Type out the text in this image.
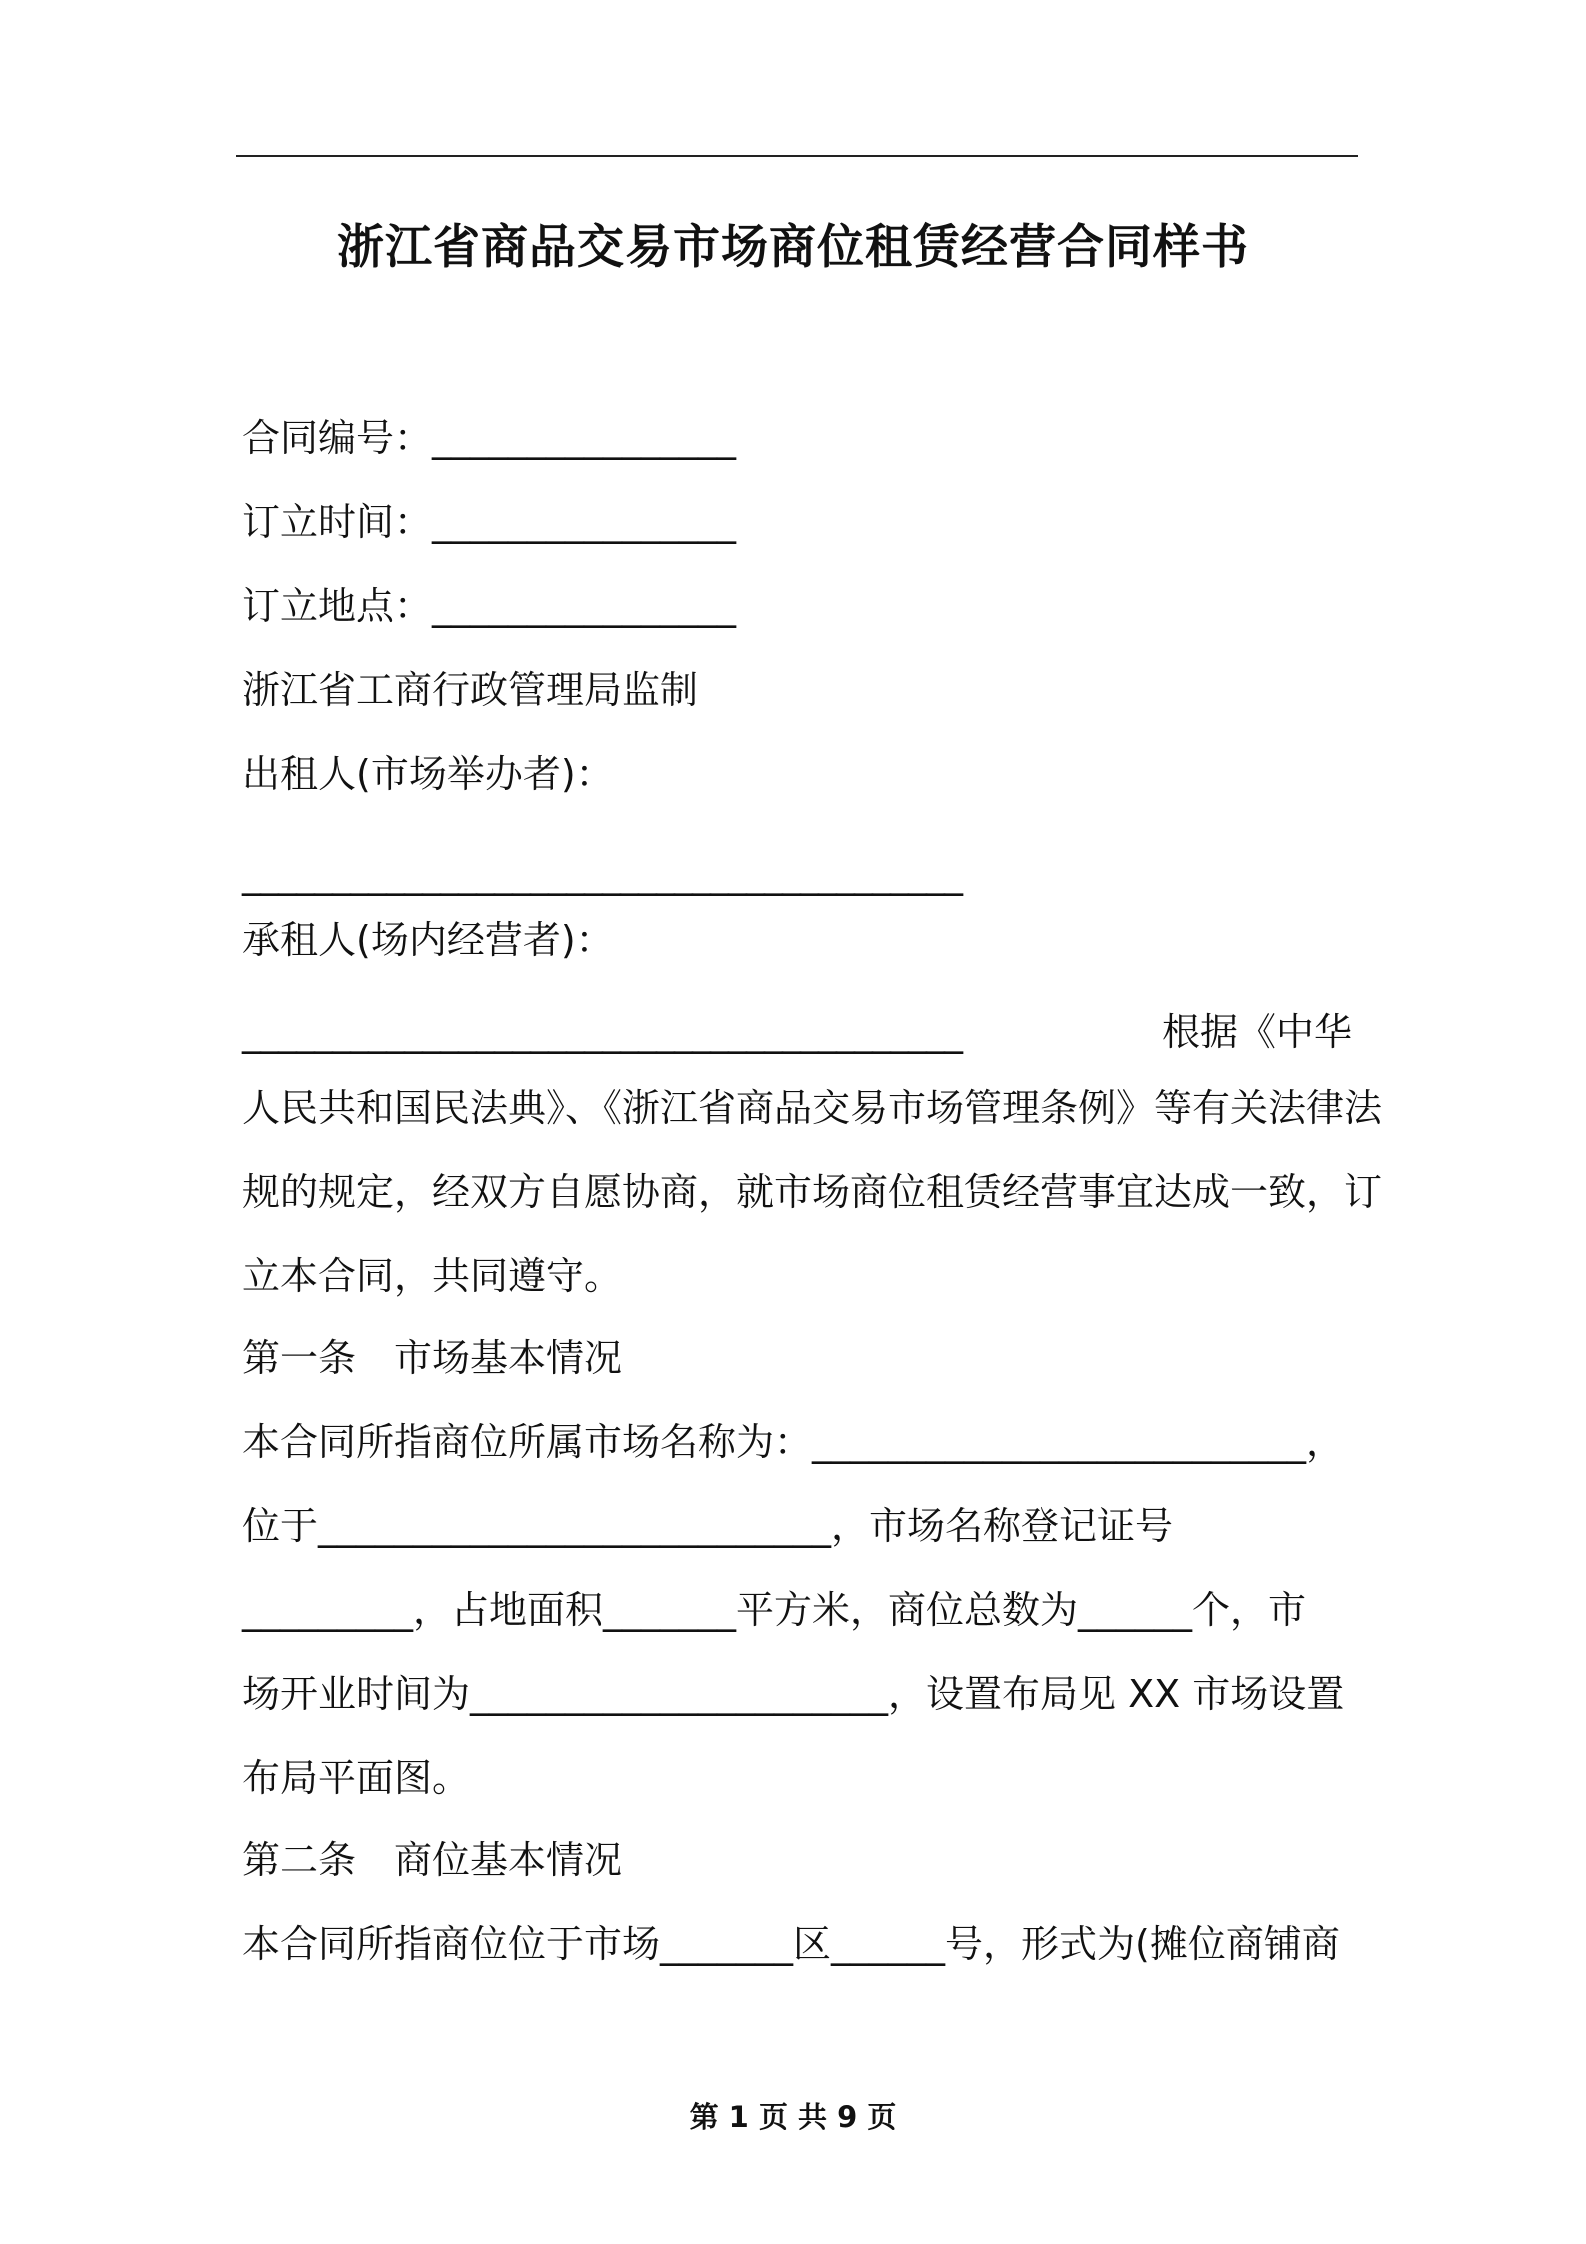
浙江省商品交易市场商位租赁经营合同样书
合同编号：________________
订立时间：________________
订立地点：________________
浙江省工商行政管理局监制
出租人(市场举办者)：
________________________________________
承租人(场内经营者)：
________________________________________	根据《中华
人民共和国民法典》、《浙江省商品交易市场管理条例》等有关法律法
规的规定，经双方自愿协商，就市场商位租赁经营事宜达成一致，订
立本合同，共同遵守。
第一条　市场基本情况
本合同所指商位所属市场名称为：__________________________，
位于___________________________，市场名称登记证号
_________，占地面积_______平方米，商位总数为______个，市
场开业时间为______________________，设置布局见 XX 市场设置
布局平面图。
第二条　商位基本情况
本合同所指商位位于市场_______区______号，形式为(摊位商铺商
第 1 页 共 9 页
